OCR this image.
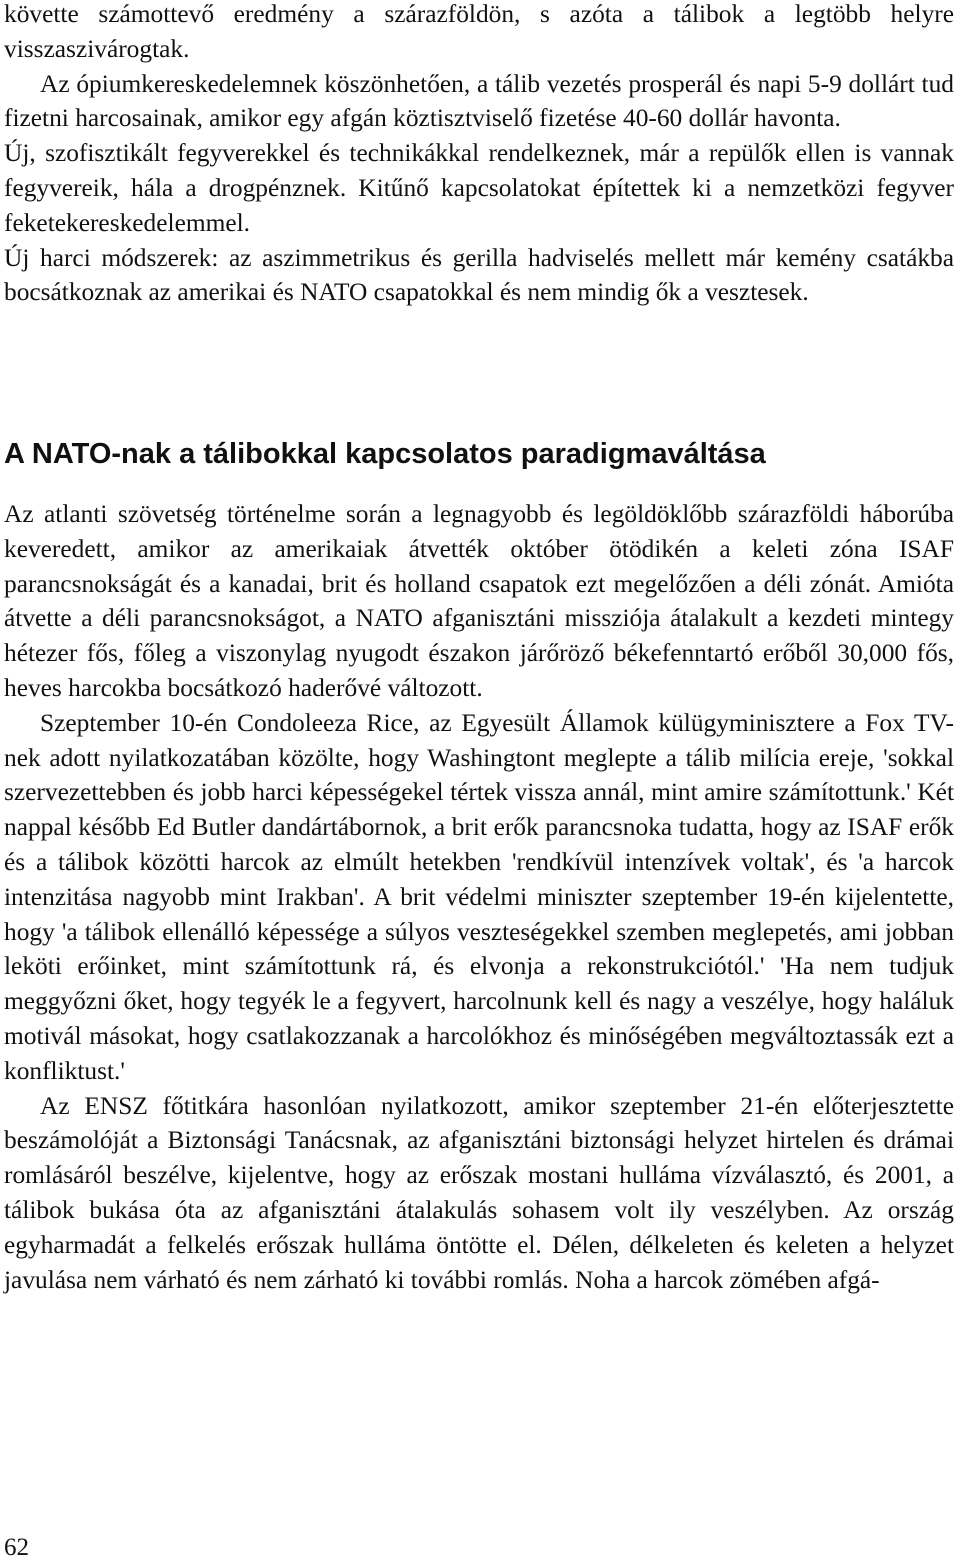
követte számottevő eredmény a szárazföldön, s azóta a tálibok a legtöbb helyre visszaszivárogtak.

Az ópiumkereskedelemnek köszönhetően, a tálib vezetés prosperál és napi 5-9 dollárt tud fizetni harcosainak, amikor egy afgán köztisztviselő fizetése 40-60 dollár havonta.

Új, szofisztikált fegyverekkel és technikákkal rendelkeznek, már a repülők ellen is vannak fegyvereik, hála a drogpénznek. Kitűnő kapcsolatokat építettek ki a nemzetközi fegyver feketekereskedelemmel.

Új harci módszerek: az aszimmetrikus és gerilla hadviselés mellett már kemény csatákba bocsátkoznak az amerikai és NATO csapatokkal és nem mindig ők a vesztesek.

A NATO-nak a tálibokkal kapcsolatos paradigmaváltása

Az atlanti szövetség történelme során a legnagyobb és legöldöklőbb szárazföldi háborúba keveredett, amikor az amerikaiak átvették október ötödikén a keleti zóna ISAF parancsnokságát és a kanadai, brit és holland csapatok ezt megelőzően a déli zónát. Amióta átvette a déli parancsnokságot, a NATO afganisztáni missziója átalakult a kezdeti mintegy hétezer fős, főleg a viszonylag nyugodt északon járőröző békefenntartó erőből 30,000 fős, heves harcokba bocsátkozó haderővé változott.

Szeptember 10-én Condoleeza Rice, az Egyesült Államok külügyminisztere a Fox TV-nek adott nyilatkozatában közölte, hogy Washingtont meglepte a tálib milícia ereje, 'sokkal szervezettebben és jobb harci képességekel tértek vissza annál, mint amire számítottunk.' Két nappal később Ed Butler dandártábornok, a brit erők parancsnoka tudatta, hogy az ISAF erők és a tálibok közötti harcok az elmúlt hetekben 'rendkívül intenzívek voltak', és 'a harcok intenzitása nagyobb mint Irakban'. A brit védelmi miniszter szeptember 19-én kijelentette, hogy 'a tálibok ellenálló képessége a súlyos veszteségekkel szemben meglepetés, ami jobban leköti erőinket, mint számítottunk rá, és elvonja a rekonstrukciótól.' 'Ha nem tudjuk meggyőzni őket, hogy tegyék le a fegyvert, harcolnunk kell és nagy a veszélye, hogy haláluk motivál másokat, hogy csatlakozzanak a harcolókhoz és minőségében megváltoztassák ezt a konfliktust.'

Az ENSZ főtitkára hasonlóan nyilatkozott, amikor szeptember 21-én előterjesztette beszámolóját a Biztonsági Tanácsnak, az afganisztáni biztonsági helyzet hirtelen és drámai romlásáról beszélve, kijelentve, hogy az erőszak mostani hulláma vízválasztó, és 2001, a tálibok bukása óta az afganisztáni átalakulás sohasem volt ily veszélyben. Az ország egyharmadát a felkelés erőszak hulláma öntötte el. Délen, délkeleten és keleten a helyzet javulása nem várható és nem zárható ki további romlás. Noha a harcok zömében afgá-

62
